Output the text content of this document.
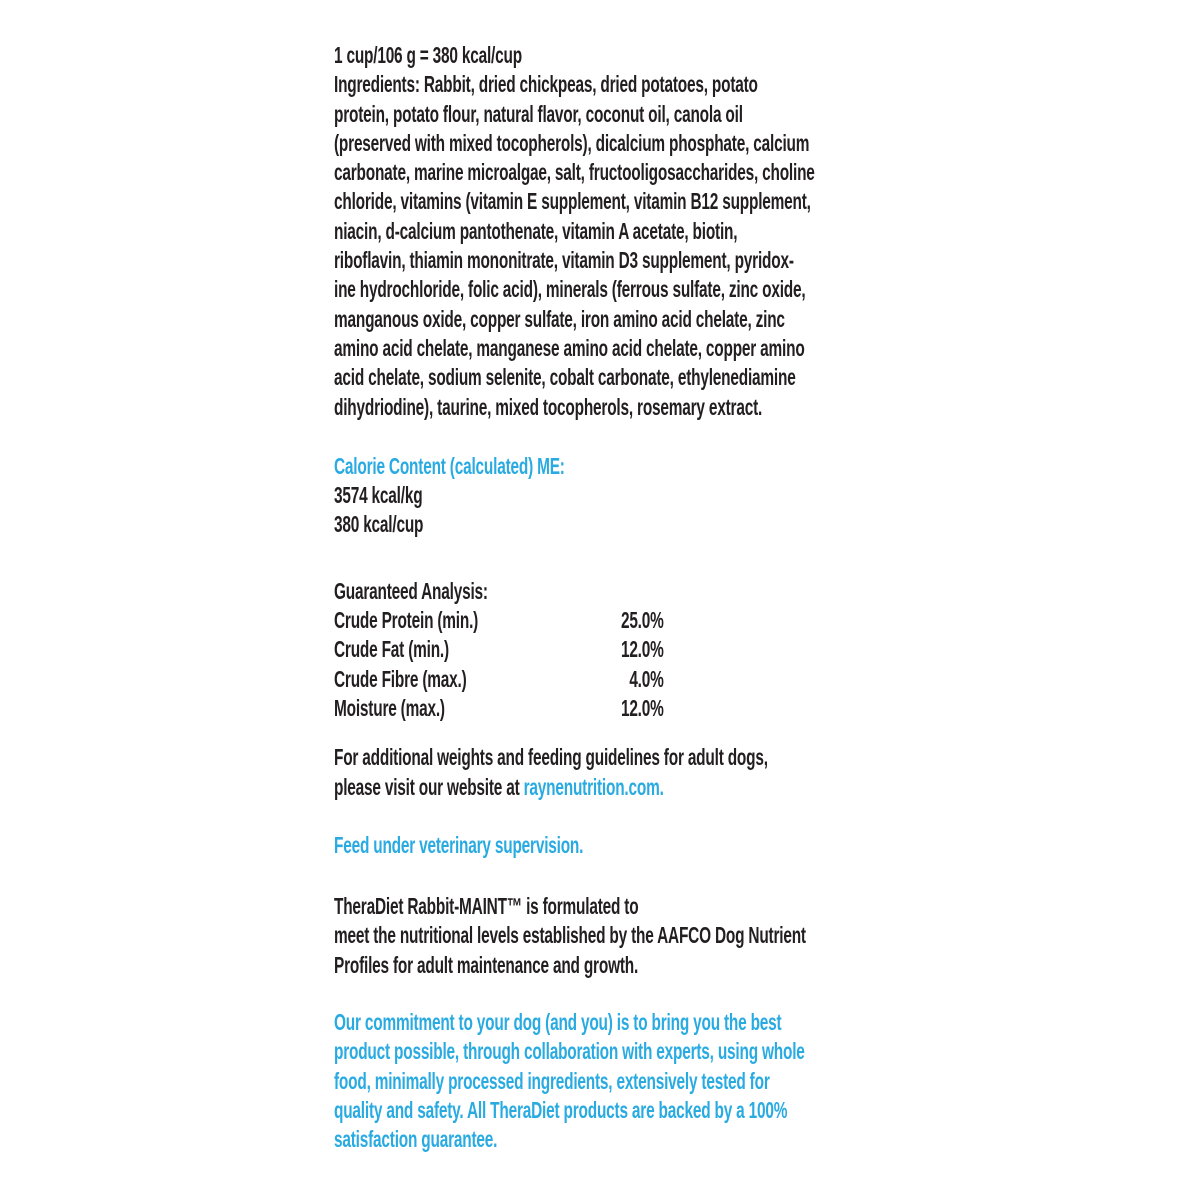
1 cup/106 g = 380 kcal/cup
Ingredients: Rabbit, dried chickpeas, dried potatoes, potato
protein, potato flour, natural flavor, coconut oil, canola oil
(preserved with mixed tocopherols), dicalcium phosphate, calcium
carbonate, marine microalgae, salt, fructooligosaccharides, choline
chloride, vitamins (vitamin E supplement, vitamin B12 supplement,
niacin, d-calcium pantothenate, vitamin A acetate, biotin,
riboflavin, thiamin mononitrate, vitamin D3 supplement, pyridox-
ine hydrochloride, folic acid), minerals (ferrous sulfate, zinc oxide,
manganous oxide, copper sulfate, iron amino acid chelate, zinc
amino acid chelate, manganese amino acid chelate, copper amino
acid chelate, sodium selenite, cobalt carbonate, ethylenediamine
dihydriodine), taurine, mixed tocopherols, rosemary extract.
Calorie Content (calculated) ME:
3574 kcal/kg
380 kcal/cup
Guaranteed Analysis:
Crude Protein (min.)	25.0%
Crude Fat (min.)	12.0%
Crude Fibre (max.)	4.0%
Moisture (max.)	12.0%
For additional weights and feeding guidelines for adult dogs,
please visit our website at raynenutrition.com.
Feed under veterinary supervision.
TheraDiet Rabbit-MAINT™ is formulated to
meet the nutritional levels established by the AAFCO Dog Nutrient
Profiles for adult maintenance and growth.
Our commitment to your dog (and you) is to bring you the best
product possible, through collaboration with experts, using whole
food, minimally processed ingredients, extensively tested for
quality and safety. All TheraDiet products are backed by a 100%
satisfaction guarantee.
